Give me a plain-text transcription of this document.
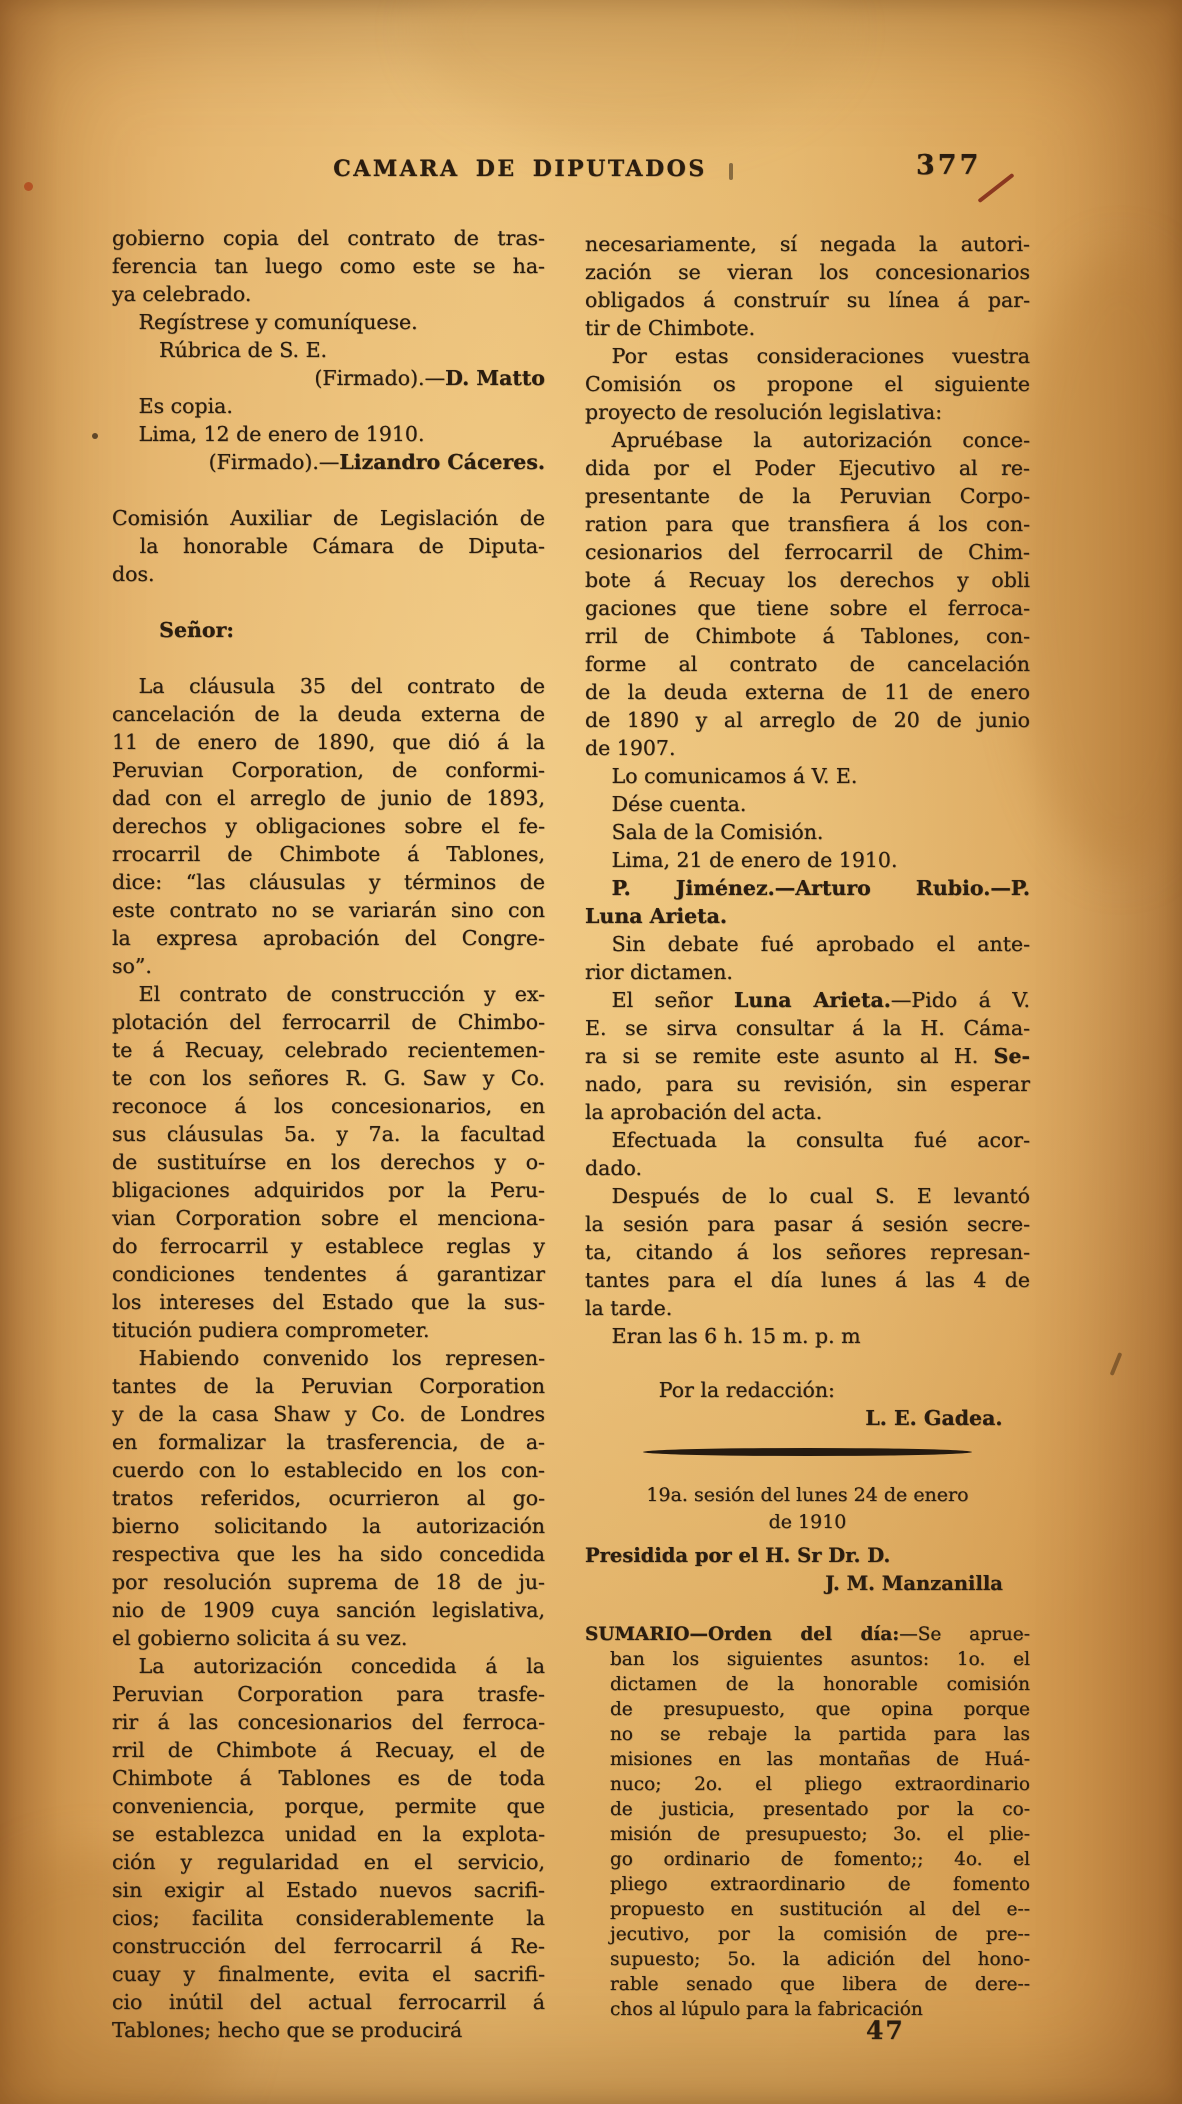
CAMARA DE DIPUTADOS	377
gobierno copia del contrato de tras-
ferencia tan luego como este se ha-
ya celebrado.
Regístrese y comuníquese.
Rúbrica de S. E.
(Firmado).—D. Matto
Es copia.
Lima, 12 de enero de 1910.
(Firmado).—Lizandro Cáceres.
Comisión Auxiliar de Legislación de
la honorable Cámara de Diputa-
dos.
Señor:
La cláusula 35 del contrato de
cancelación de la deuda externa de
11 de enero de 1890, que dió á la
Peruvian Corporation, de conformi-
dad con el arreglo de junio de 1893,
derechos y obligaciones sobre el fe-
rrocarril de Chimbote á Tablones,
dice: “las cláusulas y términos de
este contrato no se variarán sino con
la expresa aprobación del Congre-
so”.
El contrato de construcción y ex-
plotación del ferrocarril de Chimbo-
te á Recuay, celebrado recientemen-
te con los señores R. G. Saw y Co.
reconoce á los concesionarios, en
sus cláusulas 5a. y 7a. la facultad
de sustituírse en los derechos y o-
bligaciones adquiridos por la Peru-
vian Corporation sobre el menciona-
do ferrocarril y establece reglas y
condiciones tendentes á garantizar
los intereses del Estado que la sus-
titución pudiera comprometer.
Habiendo convenido los represen-
tantes de la Peruvian Corporation
y de la casa Shaw y Co. de Londres
en formalizar la trasferencia, de a-
cuerdo con lo establecido en los con-
tratos referidos, ocurrieron al go-
bierno solicitando la autorización
respectiva que les ha sido concedida
por resolución suprema de 18 de ju-
nio de 1909 cuya sanción legislativa,
el gobierno solicita á su vez.
La autorización concedida á la
Peruvian Corporation para trasfe-
rir á las concesionarios del ferroca-
rril de Chimbote á Recuay, el de
Chimbote á Tablones es de toda
conveniencia, porque, permite que
se establezca unidad en la explota-
ción y regularidad en el servicio,
sin exigir al Estado nuevos sacrifi-
cios; facilita considerablemente la
construcción del ferrocarril á Re-
cuay y finalmente, evita el sacrifi-
cio inútil del actual ferrocarril á
Tablones; hecho que se producirá
necesariamente, sí negada la autori-
zación se vieran los concesionarios
obligados á construír su línea á par-
tir de Chimbote.
Por estas consideraciones vuestra
Comisión os propone el siguiente
proyecto de resolución legislativa:
Apruébase la autorización conce-
dida por el Poder Ejecutivo al re-
presentante de la Peruvian Corpo-
ration para que transfiera á los con-
cesionarios del ferrocarril de Chim-
bote á Recuay los derechos y obli
gaciones que tiene sobre el ferroca-
rril de Chimbote á Tablones, con-
forme al contrato de cancelación
de la deuda externa de 11 de enero
de 1890 y al arreglo de 20 de junio
de 1907.
Lo comunicamos á V. E.
Dése cuenta.
Sala de la Comisión.
Lima, 21 de enero de 1910.
P. Jiménez.—Arturo Rubio.—P.
Luna Arieta.
Sin debate fué aprobado el ante-
rior dictamen.
El señor Luna Arieta.—Pido á V.
E. se sirva consultar á la H. Cáma-
ra si se remite este asunto al H. Se-
nado, para su revisión, sin esperar
la aprobación del acta.
Efectuada la consulta fué acor-
dado.
Después de lo cual S. E levantó
la sesión para pasar á sesión secre-
ta, citando á los señores represan-
tantes para el día lunes á las 4 de
la tarde.
Eran las 6 h. 15 m. p. m
Por la redacción:
L. E. Gadea.
19a. sesión del lunes 24 de enero
de 1910
Presidida por el H. Sr Dr. D.
J. M. Manzanilla
SUMARIO—Orden del día:—Se aprue-
ban los siguientes asuntos: 1o. el
dictamen de la honorable comisión
de presupuesto, que opina porque
no se rebaje la partida para las
misiones en las montañas de Huá-
nuco; 2o. el pliego extraordinario
de justicia, presentado por la co-
misión de presupuesto; 3o. el plie-
go ordinario de fomento;; 4o. el
pliego extraordinario de fomento
propuesto en sustitución al del e--
jecutivo, por la comisión de pre--
supuesto; 5o. la adición del hono-
rable senado que libera de dere--
chos al lúpulo para la fabricación
47
